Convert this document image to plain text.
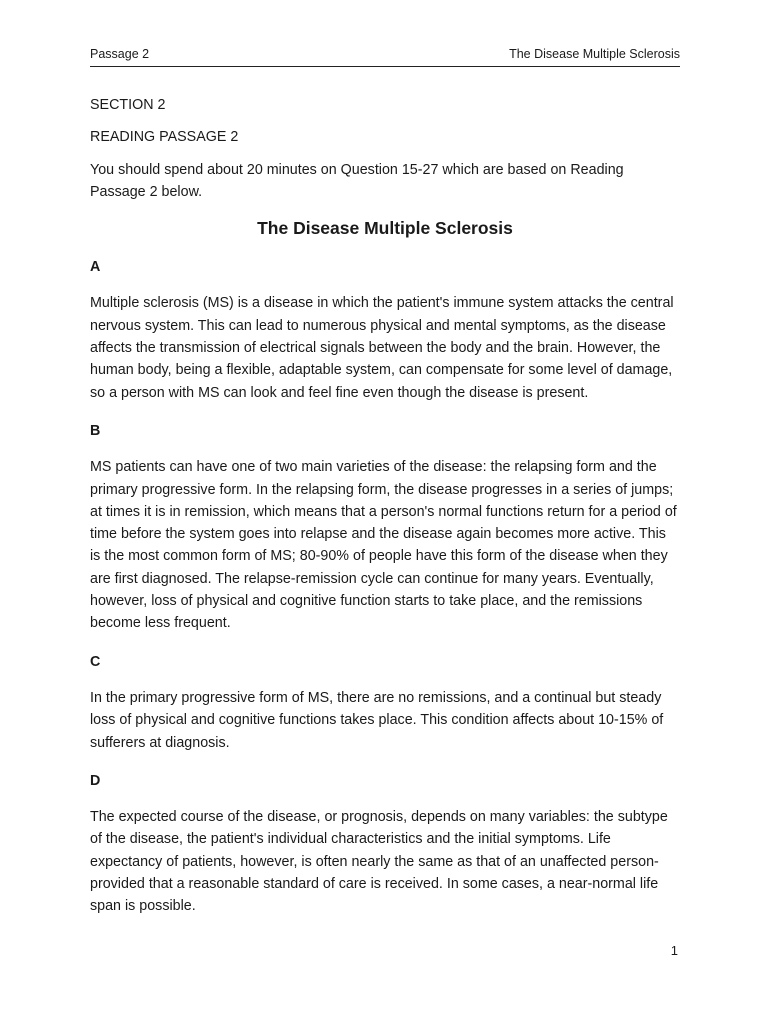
Passage 2	The Disease Multiple Sclerosis

SECTION 2

READING PASSAGE 2

You should spend about 20 minutes on Question 15-27 which are based on Reading Passage 2 below.

The Disease Multiple Sclerosis

A

Multiple sclerosis (MS) is a disease in which the patient's immune system attacks the central nervous system. This can lead to numerous physical and mental symptoms, as the disease affects the transmission of electrical signals between the body and the brain. However, the human body, being a flexible, adaptable system, can compensate for some level of damage, so a person with MS can look and feel fine even though the disease is present.

B

MS patients can have one of two main varieties of the disease: the relapsing form and the primary progressive form. In the relapsing form, the disease progresses in a series of jumps; at times it is in remission, which means that a person's normal functions return for a period of time before the system goes into relapse and the disease again becomes more active. This is the most common form of MS; 80-90% of people have this form of the disease when they are first diagnosed. The relapse-remission cycle can continue for many years. Eventually, however, loss of physical and cognitive function starts to take place, and the remissions become less frequent.

C

In the primary progressive form of MS, there are no remissions, and a continual but steady loss of physical and cognitive functions takes place. This condition affects about 10-15% of sufferers at diagnosis.

D

The expected course of the disease, or prognosis, depends on many variables: the subtype of the disease, the patient's individual characteristics and the initial symptoms. Life expectancy of patients, however, is often nearly the same as that of an unaffected person-provided that a reasonable standard of care is received. In some cases, a near-normal life span is possible.

1
